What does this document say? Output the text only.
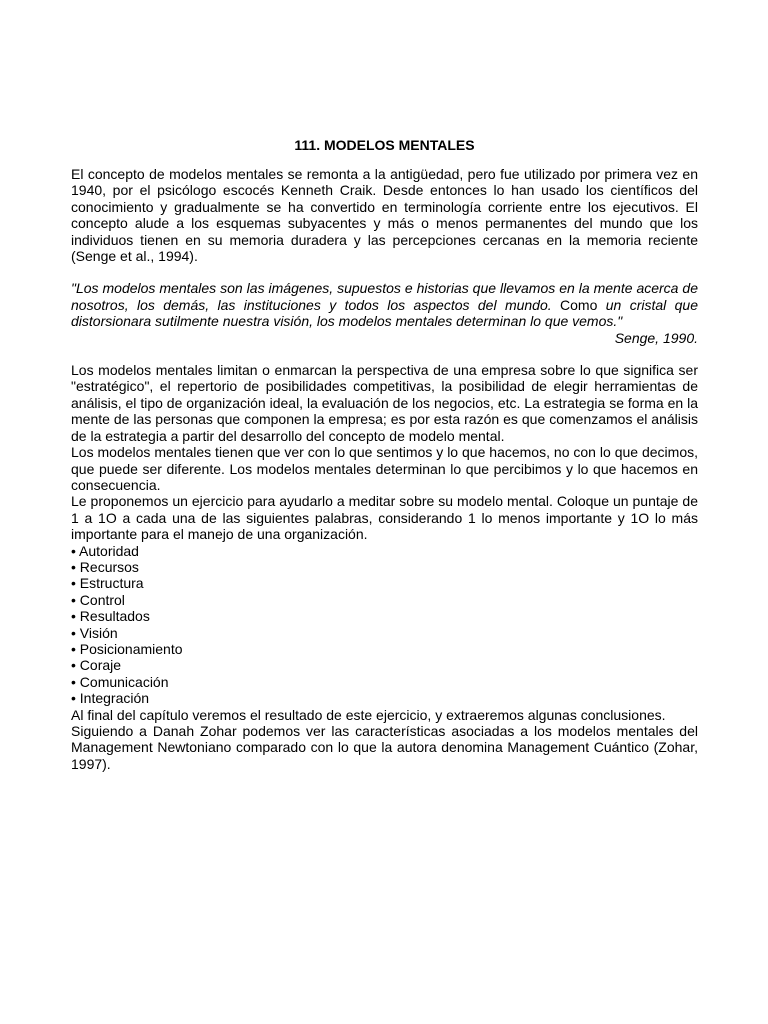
111. MODELOS MENTALES

El concepto de modelos mentales se remonta a la antigüedad, pero fue utilizado por primera vez en 1940, por el psicólogo escocés Kenneth Craik. Desde entonces lo han usado los científicos del conocimiento y gradualmente se ha convertido en terminología corriente entre los ejecutivos. El concepto alude a los esquemas subyacentes y más o menos permanentes del mundo que los individuos tienen en su memoria duradera y las percepciones cercanas en la memoria reciente (Senge et al., 1994).

"Los modelos mentales son las imágenes, supuestos e historias que llevamos en la mente acerca de nosotros, los demás, las instituciones y todos los aspectos del mundo. Como un cristal que distorsionara sutilmente nuestra visión, los modelos mentales determinan lo que vemos."

Senge, 1990.

Los modelos mentales limitan o enmarcan la perspectiva de una empresa sobre lo que significa ser "estratégico", el repertorio de posibilidades competitivas, la posibilidad de elegir herramientas de análisis, el tipo de organización ideal, la evaluación de los negocios, etc. La estrategia se forma en la mente de las personas que componen la empresa; es por esta razón es que comenzamos el análisis de la estrategia a partir del desarrollo del concepto de modelo mental.

Los modelos mentales tienen que ver con lo que sentimos y lo que hacemos, no con lo que decimos, que puede ser diferente. Los modelos mentales determinan lo que percibimos y lo que hacemos en consecuencia.

Le proponemos un ejercicio para ayudarlo a meditar sobre su modelo mental. Coloque un puntaje de 1 a 1O a cada una de las siguientes palabras, considerando 1 lo menos importante y 1O lo más importante para el manejo de una organización.

• Autoridad
• Recursos
• Estructura
• Control
• Resultados
• Visión
• Posicionamiento
• Coraje
• Comunicación
• Integración

Al final del capítulo veremos el resultado de este ejercicio, y extraeremos algunas conclusiones.

Siguiendo a Danah Zohar podemos ver las características asociadas a los modelos mentales del Management Newtoniano comparado con lo que la autora denomina Management Cuántico (Zohar, 1997).
